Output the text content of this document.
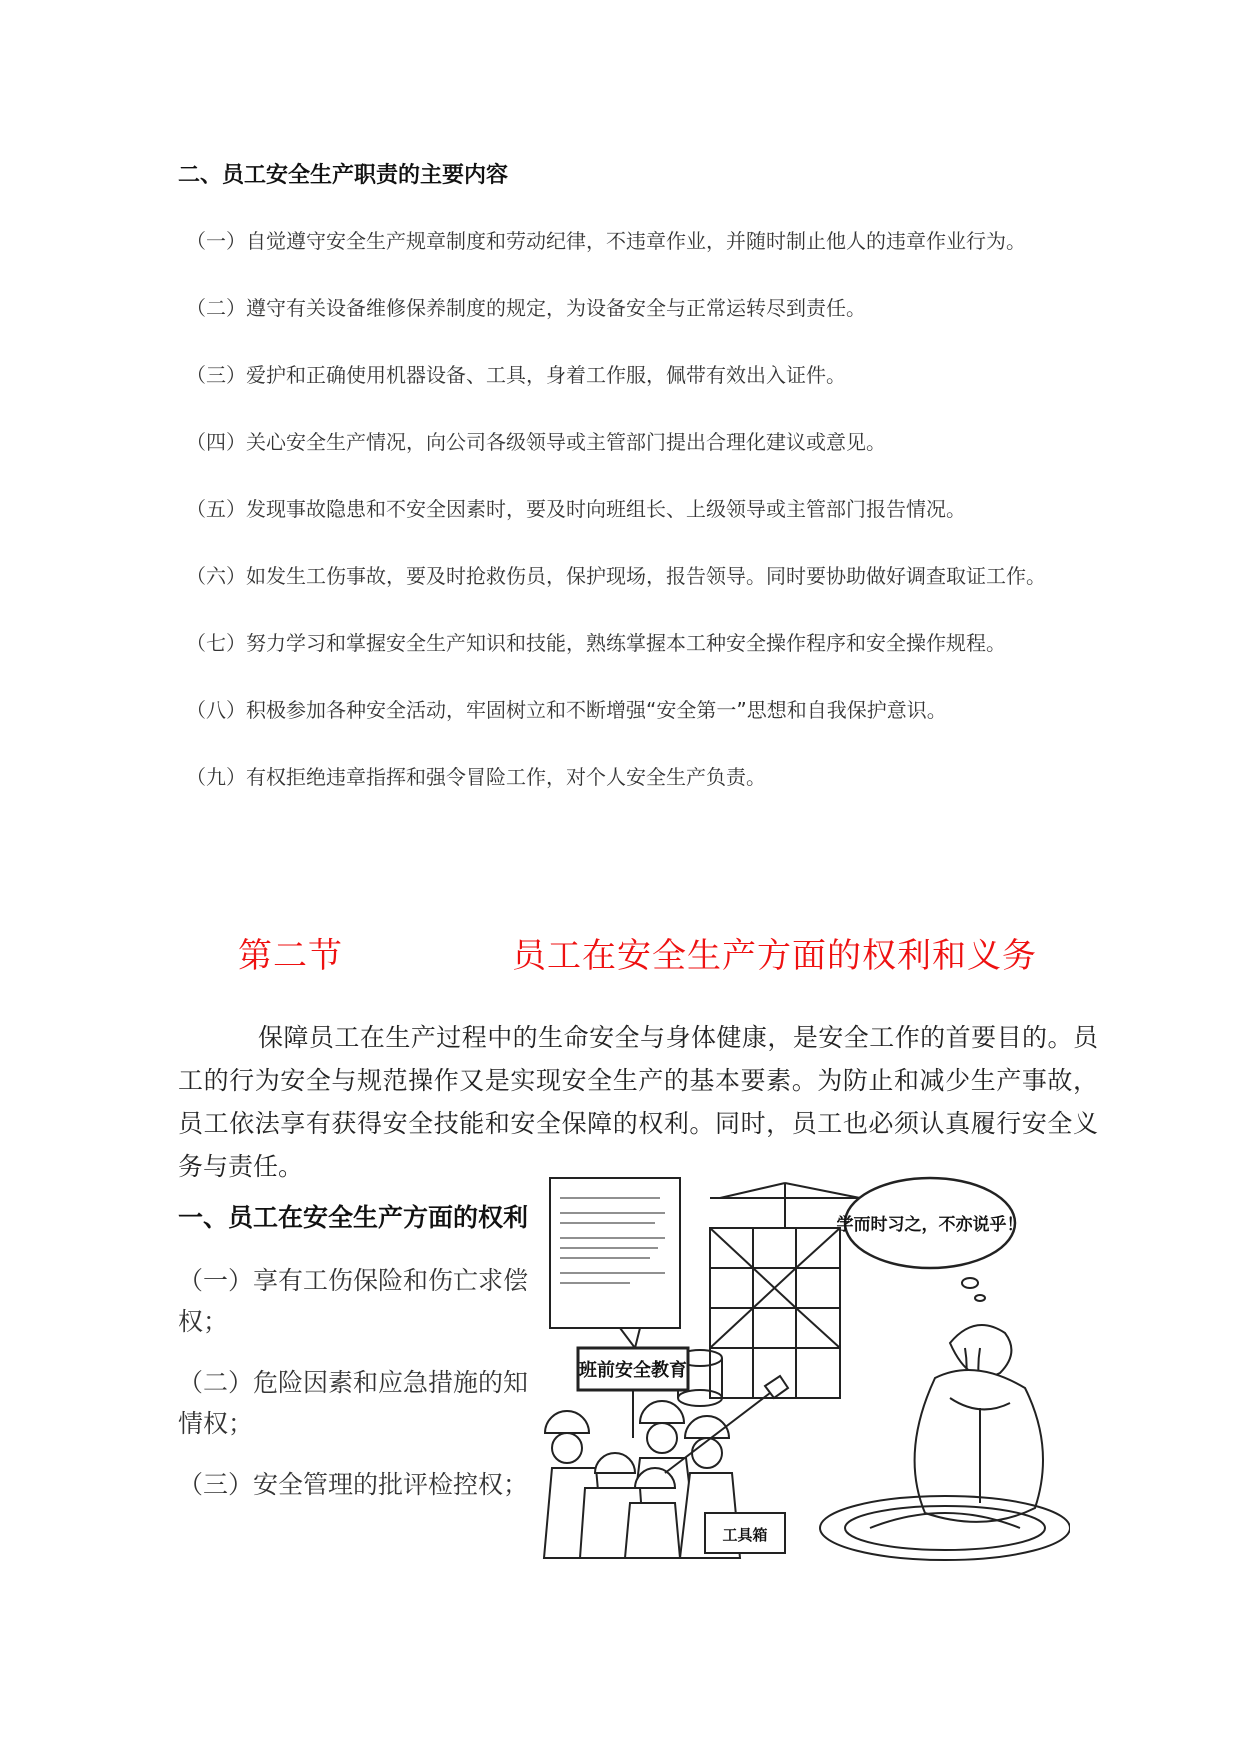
二、员工安全生产职责的主要内容
（一）自觉遵守安全生产规章制度和劳动纪律，不违章作业，并随时制止他人的违章作业行为。
（二）遵守有关设备维修保养制度的规定，为设备安全与正常运转尽到责任。
（三）爱护和正确使用机器设备、工具，身着工作服，佩带有效出入证件。
（四）关心安全生产情况，向公司各级领导或主管部门提出合理化建议或意见。
（五）发现事故隐患和不安全因素时，要及时向班组长、上级领导或主管部门报告情况。
（六）如发生工伤事故，要及时抢救伤员，保护现场，报告领导。同时要协助做好调查取证工作。
（七）努力学习和掌握安全生产知识和技能，熟练掌握本工种安全操作程序和安全操作规程。
（八）积极参加各种安全活动，牢固树立和不断增强“安全第一”思想和自我保护意识。
（九）有权拒绝违章指挥和强令冒险工作，对个人安全生产负责。
第二节	员工在安全生产方面的权利和义务

保障员工在生产过程中的生命安全与身体健康，是安全工作的首要目的。员工的行为安全与规范操作又是实现安全生产的基本要素。为防止和减少生产事故，员工依法享有获得安全技能和安全保障的权利。同时，员工也必须认真履行安全义务与责任。

一、员工在安全生产方面的权利
（一）享有工伤保险和伤亡求偿权；
（二）危险因素和应急措施的知情权；
（三）安全管理的批评检控权；
班前安全教育
学而时习之，不亦说乎！
工具箱
